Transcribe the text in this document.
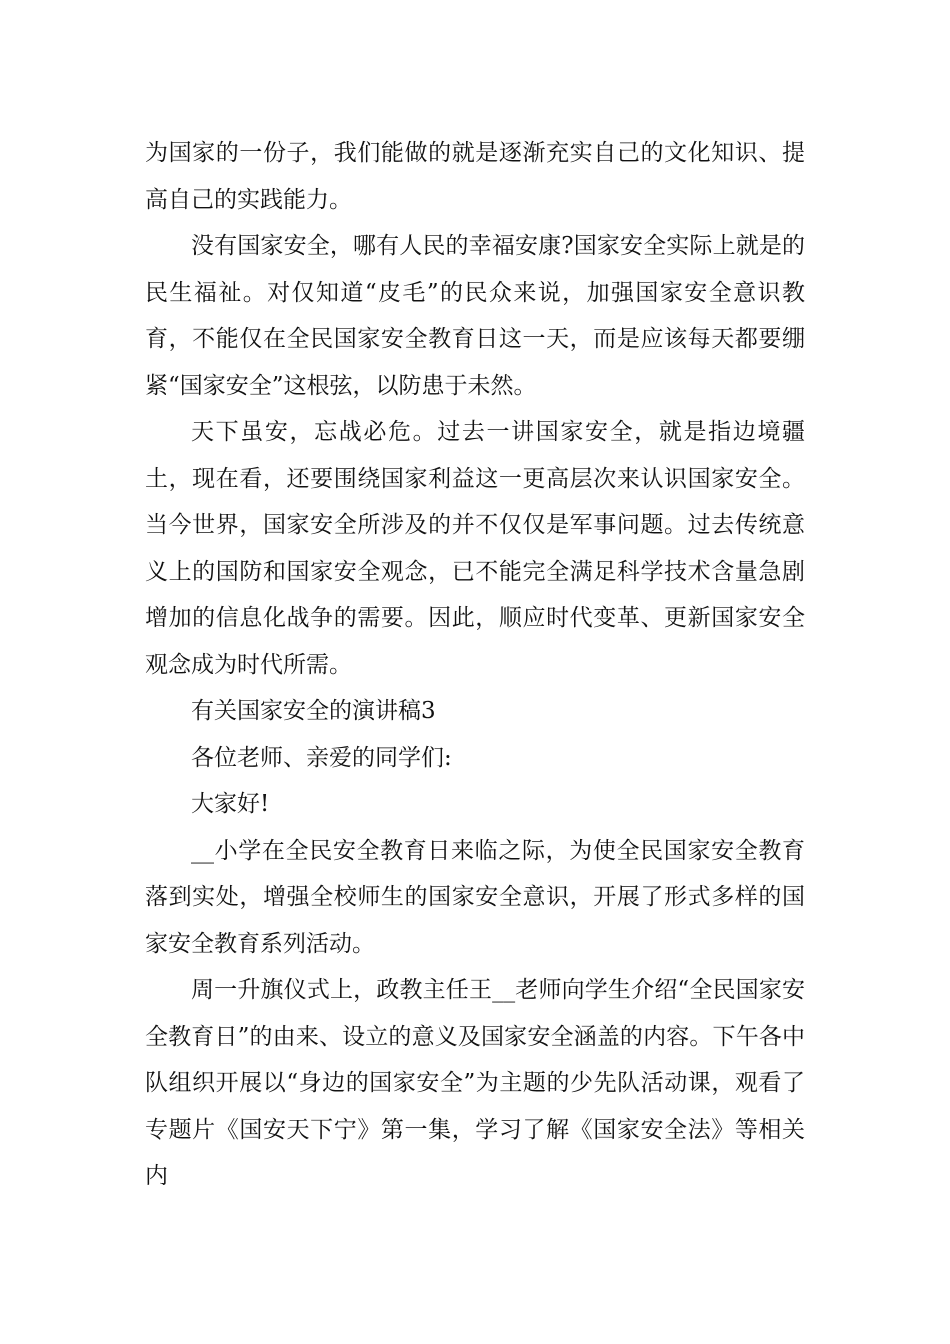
为国家的一份子，我们能做的就是逐渐充实自己的文化知识、提高自己的实践能力。

没有国家安全，哪有人民的幸福安康?国家安全实际上就是的民生福祉。对仅知道“皮毛”的民众来说，加强国家安全意识教育，不能仅在全民国家安全教育日这一天，而是应该每天都要绷紧“国家安全”这根弦，以防患于未然。

天下虽安，忘战必危。过去一讲国家安全，就是指边境疆土，现在看，还要围绕国家利益这一更高层次来认识国家安全。当今世界，国家安全所涉及的并不仅仅是军事问题。过去传统意义上的国防和国家安全观念，已不能完全满足科学技术含量急剧增加的信息化战争的需要。因此，顺应时代变革、更新国家安全观念成为时代所需。

有关国家安全的演讲稿3

各位老师、亲爱的同学们:

大家好!

__小学在全民安全教育日来临之际，为使全民国家安全教育落到实处，增强全校师生的国家安全意识，开展了形式多样的国家安全教育系列活动。

周一升旗仪式上，政教主任王__老师向学生介绍“全民国家安全教育日”的由来、设立的意义及国家安全涵盖的内容。下午各中队组织开展以“身边的国家安全”为主题的少先队活动课，观看了专题片《国安天下宁》第一集，学习了解《国家安全法》等相关内
